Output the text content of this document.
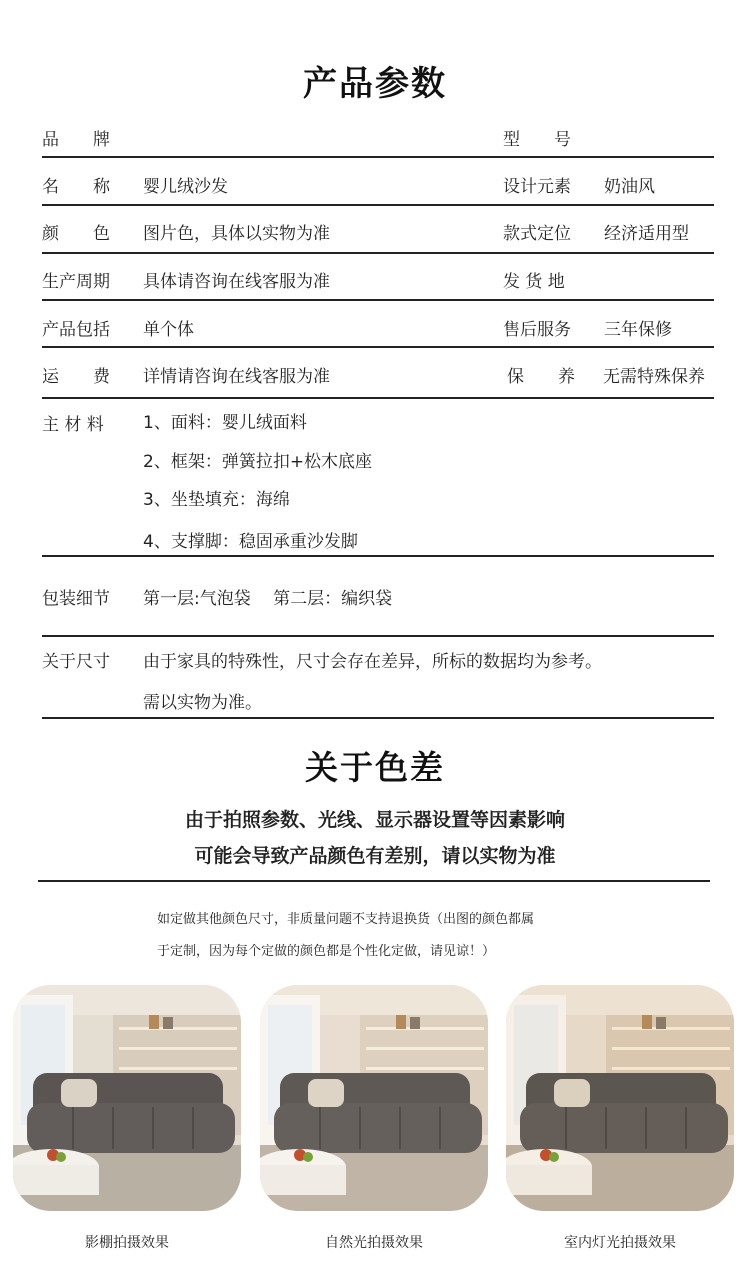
产品参数
品　　牌	型　　号
名　　称 婴儿绒沙发	设计元素 奶油风
颜　　色 图片色，具体以实物为准	款式定位 经济适用型
生产周期 具体请咨询在线客服为准	发 货 地
产品包括 单个体	售后服务 三年保修
运　　费 详情请咨询在线客服为准	保　　养 无需特殊保养
主 材 料 1、面料：婴儿绒面料
2、框架：弹簧拉扣+松木底座
3、坐垫填充：海绵
4、支撑脚：稳固承重沙发脚
包装细节 第一层:气泡袋　 第二层：编织袋
关于尺寸 由于家具的特殊性，尺寸会存在差异，所标的数据均为参考。
需以实物为准。
关于色差
由于拍照参数、光线、显示器设置等因素影响
可能会导致产品颜色有差别，请以实物为准
如定做其他颜色尺寸，非质量问题不支持退换货（出图的颜色都属
于定制，因为每个定做的颜色都是个性化定做，请见谅！）
影棚拍摄效果	自然光拍摄效果	室内灯光拍摄效果
